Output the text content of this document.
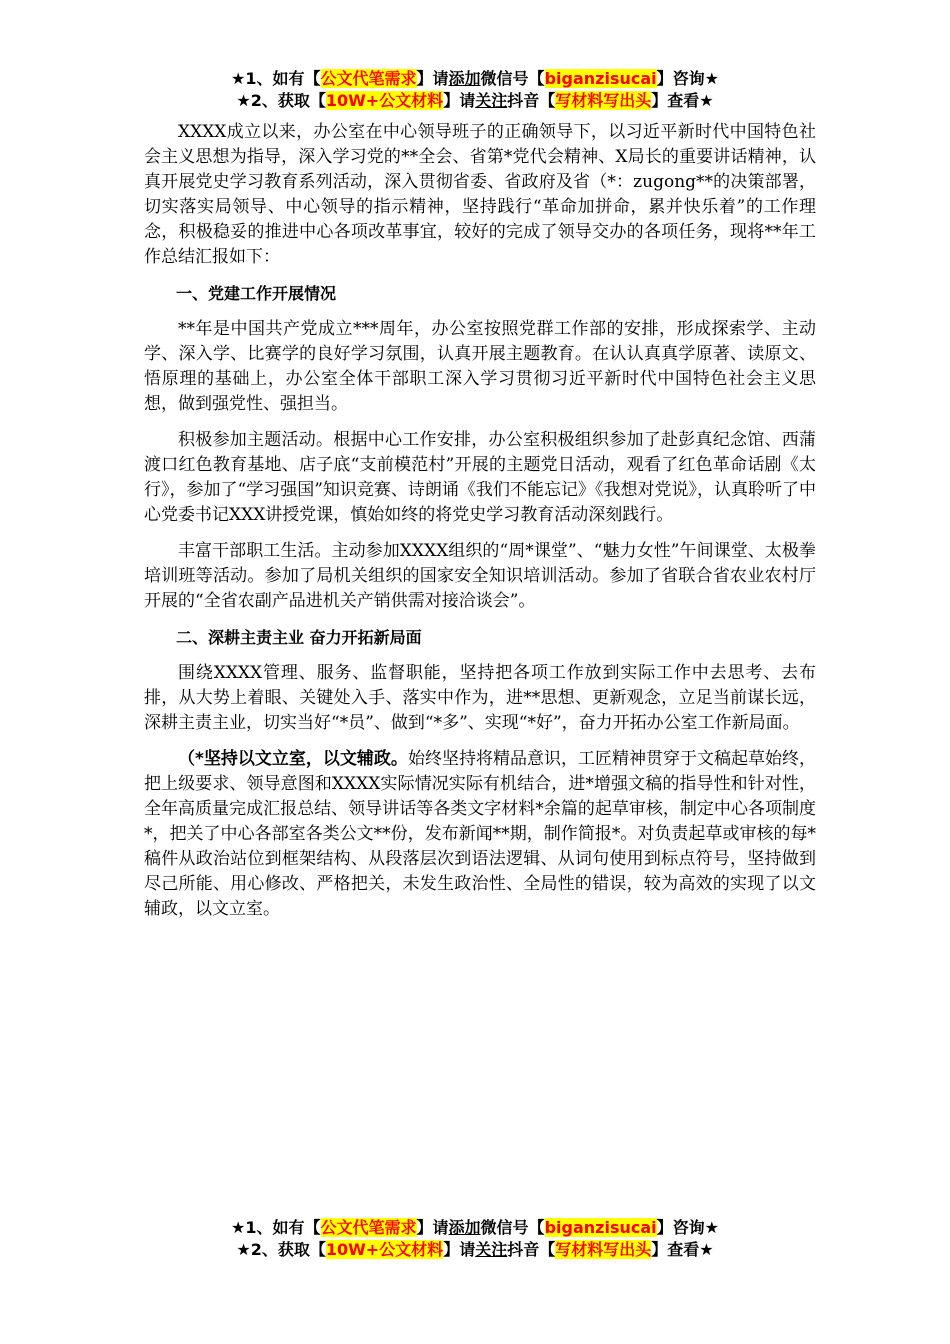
★1、如有【公文代笔需求】请添加微信号【biganzisucai】咨询★
★2、获取【10W+公文材料】请关注抖音【写材料写出头】查看★

XXXX成立以来，办公室在中心领导班子的正确领导下，以习近平新时代中国特色社会主义思想为指导，深入学习党的**全会、省第*党代会精神、X局长的重要讲话精神，认真开展党史学习教育系列活动，深入贯彻省委、省政府及省（*：zugong**的决策部署，切实落实局领导、中心领导的指示精神，坚持践行“革命加拼命，累并快乐着”的工作理念，积极稳妥的推进中心各项改革事宜，较好的完成了领导交办的各项任务，现将**年工作总结汇报如下：

一、党建工作开展情况

**年是中国共产党成立***周年，办公室按照党群工作部的安排，形成探索学、主动学、深入学、比赛学的良好学习氛围，认真开展主题教育。在认认真真学原著、读原文、悟原理的基础上，办公室全体干部职工深入学习贯彻习近平新时代中国特色社会主义思想，做到强党性、强担当。

积极参加主题活动。根据中心工作安排，办公室积极组织参加了赴彭真纪念馆、西蒲渡口红色教育基地、店子底“支前模范村”开展的主题党日活动，观看了红色革命话剧《太行》，参加了“学习强国”知识竞赛、诗朗诵《我们不能忘记》《我想对党说》，认真聆听了中心党委书记XXX讲授党课，慎始如终的将党史学习教育活动深刻践行。

丰富干部职工生活。主动参加XXXX组织的“周*课堂”、“魅力女性”午间课堂、太极拳培训班等活动。参加了局机关组织的国家安全知识培训活动。参加了省联合省农业农村厅开展的“全省农副产品进机关产销供需对接洽谈会”。

二、深耕主责主业 奋力开拓新局面

围绕XXXX管理、服务、监督职能，坚持把各项工作放到实际工作中去思考、去布排，从大势上着眼、关键处入手、落实中作为，进**思想、更新观念，立足当前谋长远，深耕主责主业，切实当好“*员”、做到“*多”、实现“*好”，奋力开拓办公室工作新局面。

（*坚持以文立室，以文辅政。始终坚持将精品意识，工匠精神贯穿于文稿起草始终，把上级要求、领导意图和XXXX实际情况实际有机结合，进*增强文稿的指导性和针对性，全年高质量完成汇报总结、领导讲话等各类文字材料*余篇的起草审核，制定中心各项制度*，把关了中心各部室各类公文**份，发布新闻**期，制作简报*。对负责起草或审核的每*稿件从政治站位到框架结构、从段落层次到语法逻辑、从词句使用到标点符号，坚持做到尽己所能、用心修改、严格把关，未发生政治性、全局性的错误，较为高效的实现了以文辅政，以文立室。

★1、如有【公文代笔需求】请添加微信号【biganzisucai】咨询★
★2、获取【10W+公文材料】请关注抖音【写材料写出头】查看★
